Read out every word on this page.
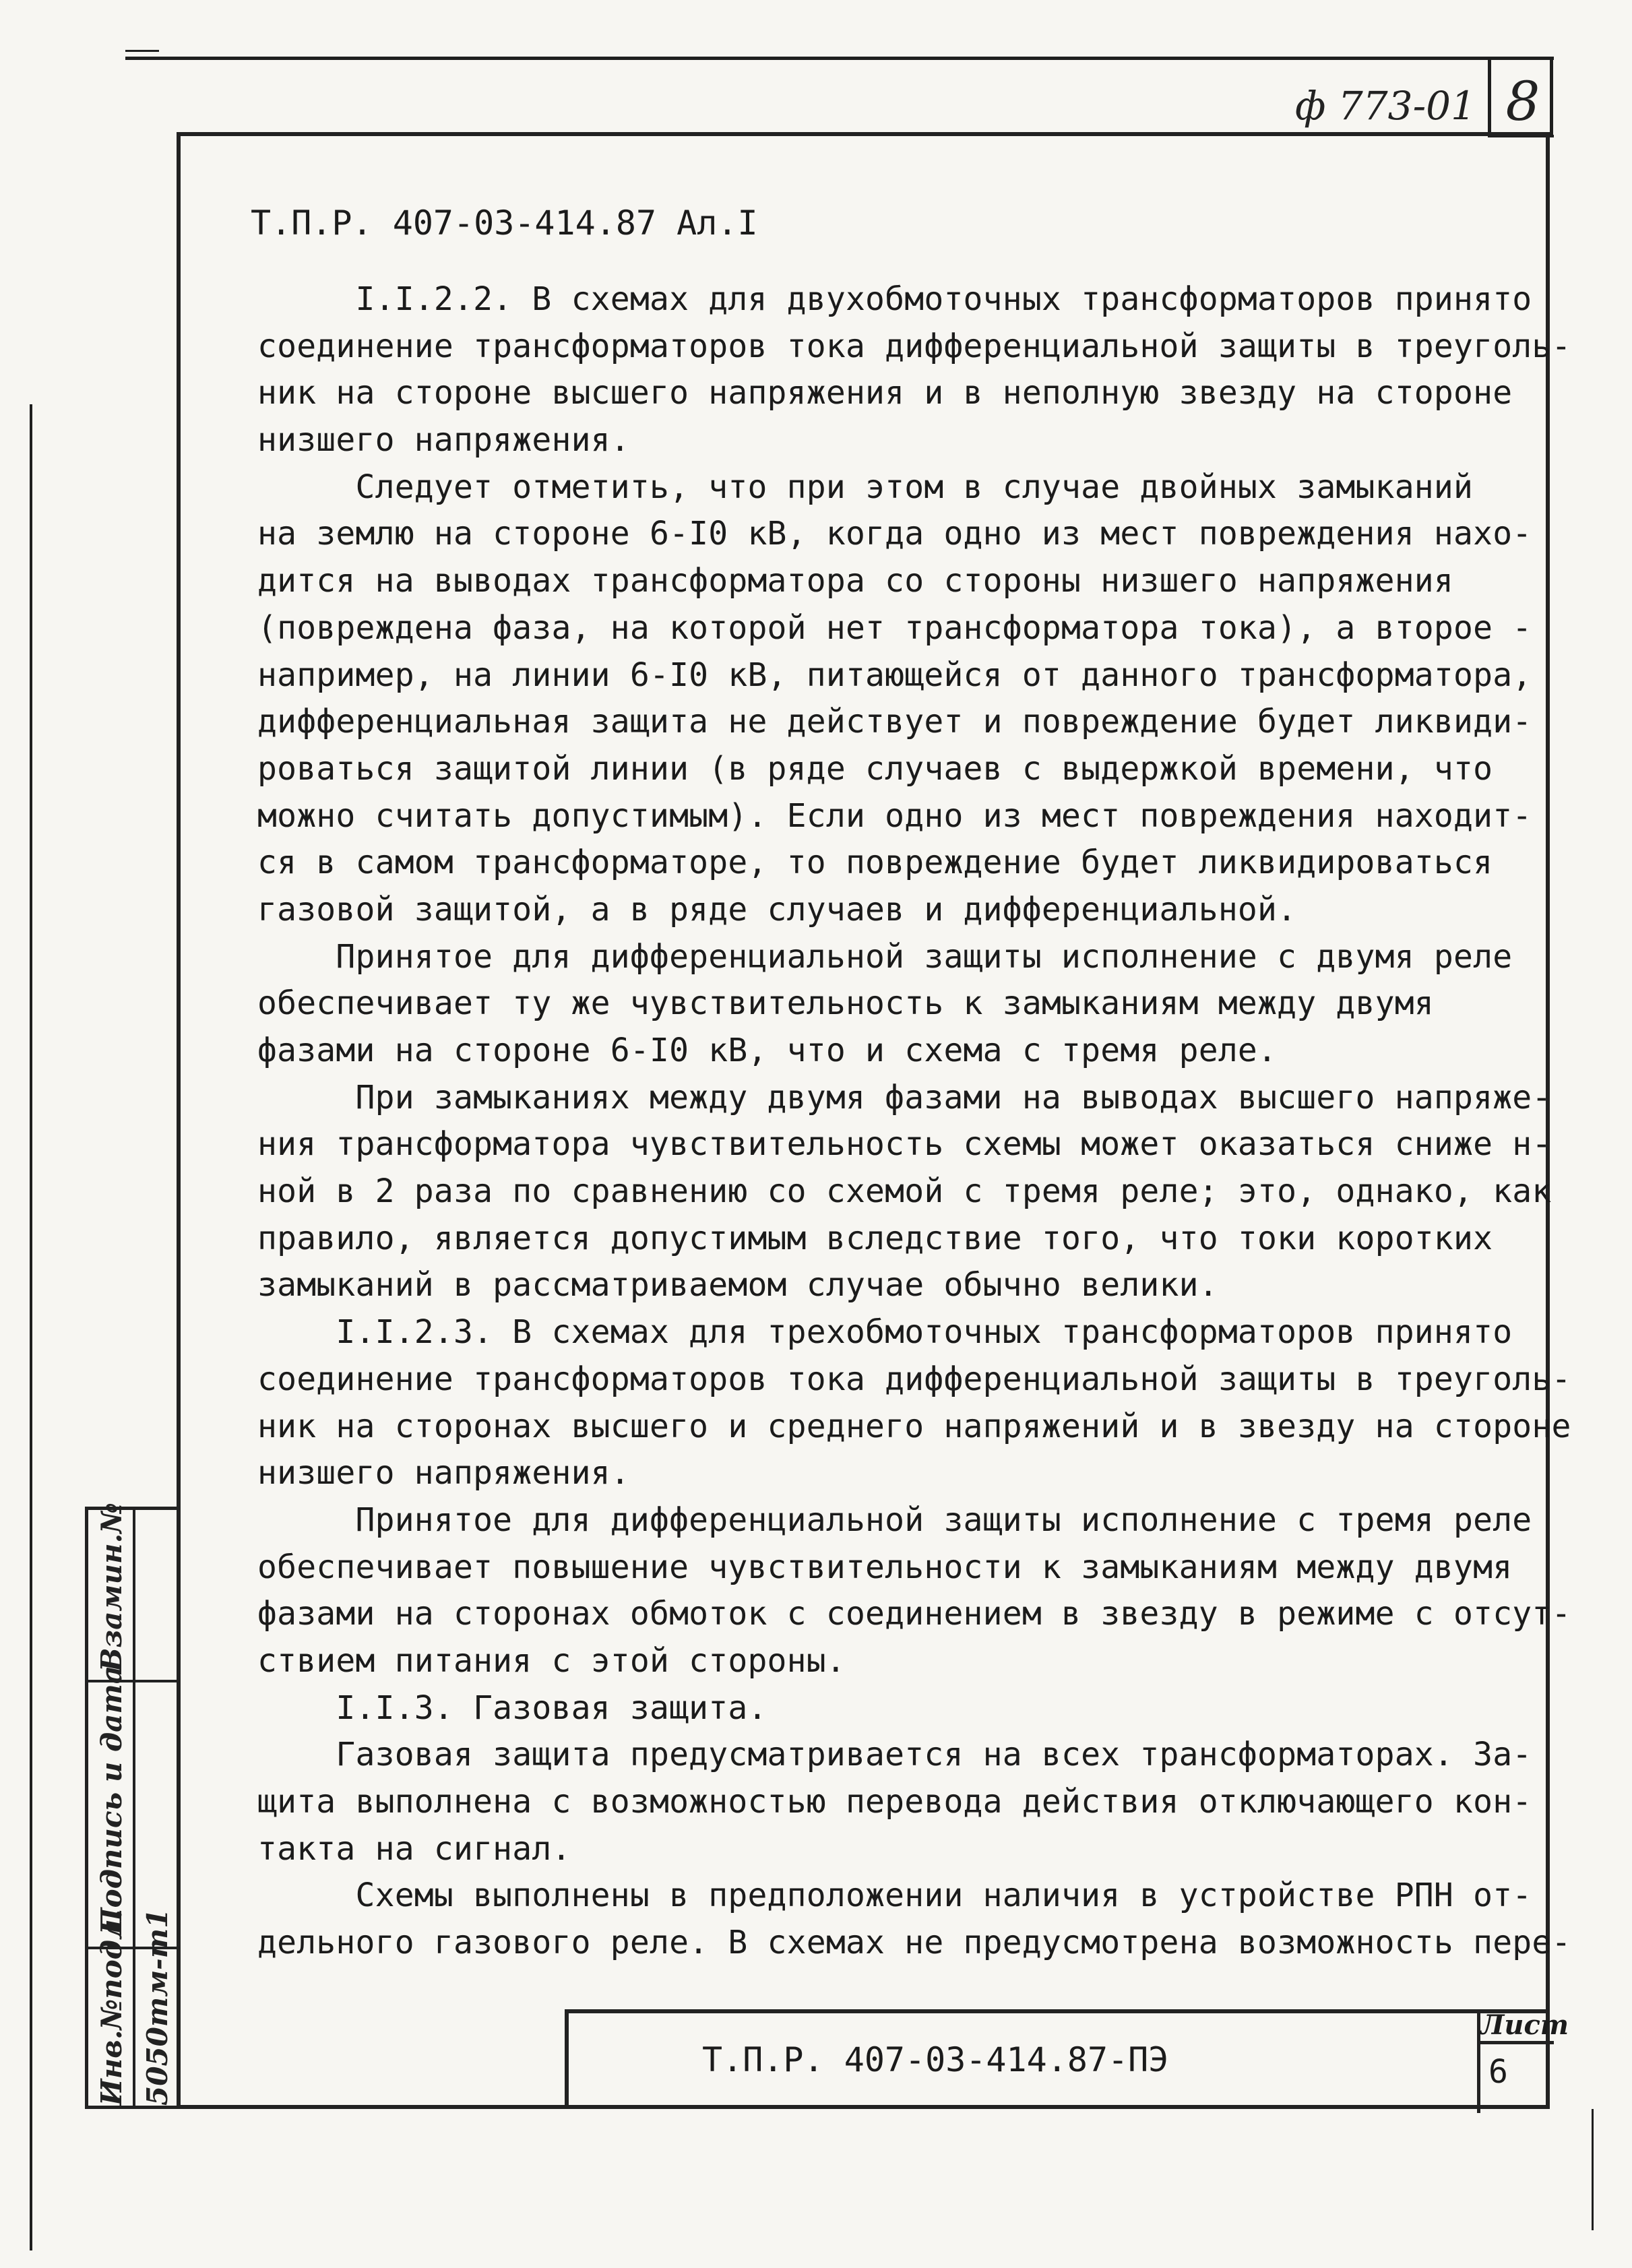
ф 773-01 8
Т.П.Р. 407-03-414.87 Ал.I
I.I.2.2. В схемах для двухобмоточных трансформаторов принято
соединение трансформаторов тока дифференциальной защиты в треуголь-
ник на стороне высшего напряжения и в неполную звезду на стороне
низшего напряжения.
Следует отметить, что при этом в случае двойных замыканий
на землю на стороне 6-I0 кВ, когда одно из мест повреждения нахо-
дится на выводах трансформатора со стороны низшего напряжения
(повреждена фаза, на которой нет трансформатора тока), а второе -
например, на линии 6-I0 кВ, питающейся от данного трансформатора,
дифференциальная защита не действует и повреждение будет ликвиди-
роваться защитой линии (в ряде случаев с выдержкой времени, что
можно считать допустимым). Если одно из мест повреждения находит-
ся в самом трансформаторе, то повреждение будет ликвидироваться
газовой защитой, а в ряде случаев и дифференциальной.
Принятое для дифференциальной защиты исполнение с двумя реле
обеспечивает ту же чувствительность к замыканиям между двумя
фазами на стороне 6-I0 кВ, что и схема с тремя реле.
При замыканиях между двумя фазами на выводах высшего напряже-
ния трансформатора чувствительность схемы может оказаться сниже н-
ной в 2 раза по сравнению со схемой с тремя реле; это, однако, как
правило, является допустимым вследствие того, что токи коротких
замыканий в рассматриваемом случае обычно велики.
I.I.2.3. В схемах для трехобмоточных трансформаторов принято
соединение трансформаторов тока дифференциальной защиты в треуголь-
ник на сторонах высшего и среднего напряжений и в звезду на стороне
низшего напряжения.
Принятое для дифференциальной защиты исполнение с тремя реле
обеспечивает повышение чувствительности к замыканиям между двумя
фазами на сторонах обмоток с соединением в звезду в режиме с отсут-
ствием питания с этой стороны.
I.I.3. Газовая защита.
Газовая защита предусматривается на всех трансформаторах. За-
щита выполнена с возможностью перевода действия отключающего кон-
такта на сигнал.
Схемы выполнены в предположении наличия в устройстве РПН от-
дельного газового реле. В схемах не предусмотрена возможность пере-
Взамин.№
Подпись и дата
Инв.№подл. 5050тм-т1	Т.П.Р. 407-03-414.87-ПЭ
Лист
6
